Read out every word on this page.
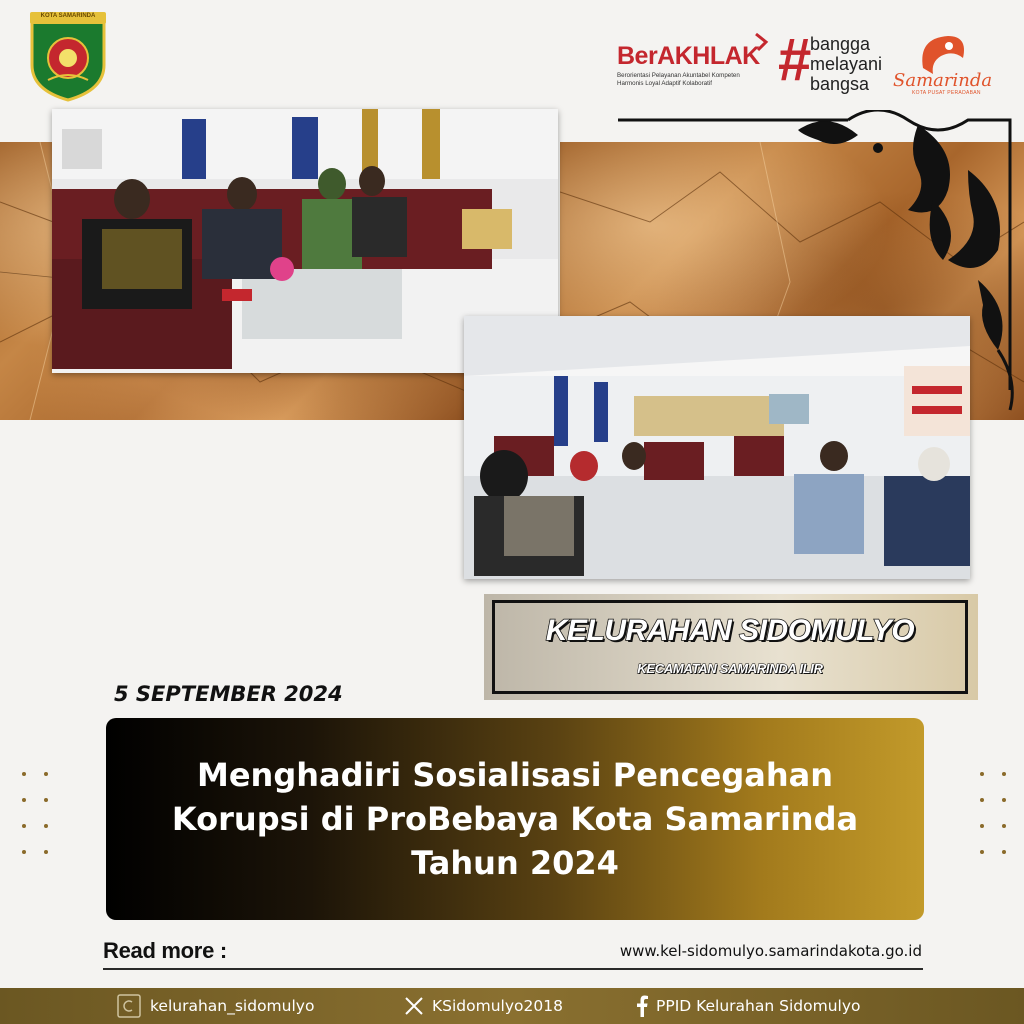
KOTA SAMARINDA
BerAKHLAK
Berorientasi Pelayanan Akuntabel Kompeten
Harmonis Loyal Adaptif Kolaboratif	#
bangga
melayani
bangsa	Samarinda
KOTA PUSAT PERADABAN
KELURAHAN SIDOMULYO
KECAMATAN SAMARINDA ILIR
5 SEPTEMBER 2024
Menghadiri Sosialisasi Pencegahan
Korupsi di ProBebaya Kota Samarinda
Tahun 2024
Read more :	www.kel-sidomulyo.samarindakota.go.id
kelurahan_sidomulyo	KSidomulyo2018	PPID Kelurahan Sidomulyo
